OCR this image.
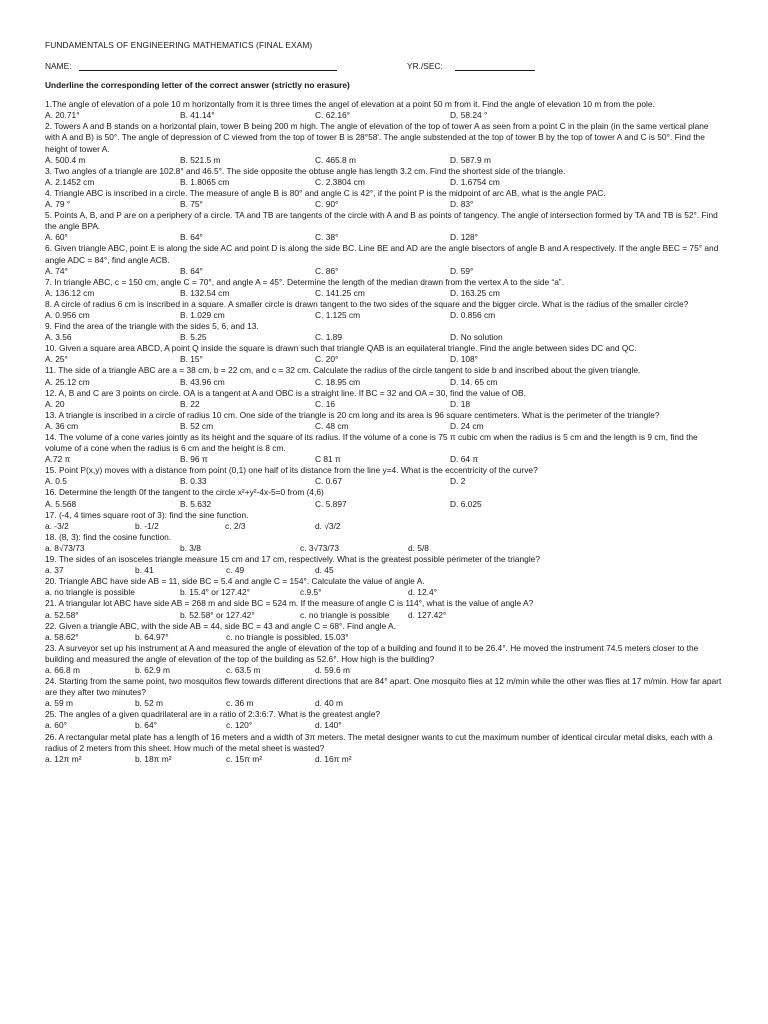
FUNDAMENTALS OF ENGINEERING MATHEMATICS (FINAL EXAM)
NAME:	YR./SEC:
Underline the corresponding letter of the correct answer (strictly no erasure)
1.The angle of elevation of a pole 10 m horizontally from it is three times the angel of elevation at a point 50 m from it. Find the angle of elevation 10 m from the pole.
A. 20.71°	B. 41.14°	C. 62.16°	D. 58.24 °
2. Towers A and B stands on a horizontal plain, tower B being 200 m high. The angle of elevation of the top of tower A as seen from a point C in the plain (in the same vertical plane with A and B) is 50°. The angle of depression of C viewed from the top of tower B is 28°58'. The angle substended at the top of tower B by the top of tower A and C is 50°. Find the height of tower A.
A. 500.4 m	B. 521.5 m	C. 465.8 m	D. 587.9 m
3. Two angles of a triangle are 102.8° and 46.5°. The side opposite the obtuse angle has length 3.2 cm. Find the shortest side of the triangle.
A. 2.1452 cm	B. 1.8065 cm	C. 2.3804 cm	D. 1.6754 cm
4. Triangle ABC is inscribed in a circle. The measure of angle B is 80° and angle C is 42°, if the point P is the midpoint of arc AB, what is the angle PAC.
A. 79 °	B. 75°	C. 90°	D. 83°
5. Points A, B, and P are on a periphery of a circle. TA and TB are tangents of the circle with A and B as points of tangency. The angle of intersection formed by TA and TB is 52°. Find the angle BPA.
A. 60°	B. 64°	C. 38°	D. 128°
6. Given triangle ABC, point E is along the side AC and point D is along the side BC. Line BE and AD are the angle bisectors of angle B and A respectively. If the angle BEC = 75° and angle ADC = 84°, find angle ACB.
A. 74°	B. 64°	C. 86°	D. 59°
7. In triangle ABC, c = 150 cm, angle C = 70°, and angle A = 45°. Determine the length of the median drawn from the vertex A to the side “a”.
A. 136.12 cm	B. 132.54 cm	C. 141.25 cm	D. 163.25 cm
8. A circle of radius 6 cm is inscribed in a square. A smaller circle is drawn tangent to the two sides of the square and the bigger circle. What is the radius of the smaller circle?
A. 0.956 cm	B. 1.029 cm	C. 1.125 cm	D. 0.856 cm
9. Find the area of the triangle with the sides 5, 6, and 13.
A. 3.56	B. 5.25	C. 1.89	D. No solution
10. Given a square area ABCD, A point Q inside the square is drawn such that triangle QAB is an equilateral triangle. Find the angle between sides DC and QC.
A. 25°	B. 15°	C. 20°	D. 108°
11. The side of a triangle ABC are a = 38 cm, b = 22 cm, and c = 32 cm. Calculate the radius of the circle tangent to side b and inscribed about the given triangle.
A. 25.12 cm	B. 43.96 cm	C. 18.95 cm	D. 14. 65 cm
12. A, B and C are 3 points on circle. OA is a tangent at A and OBC is a straight line. If BC = 32 and OA = 30, find the value of OB.
A. 20	B. 22	C. 16	D. 18
13. A triangle is inscribed in a circle of radius 10 cm. One side of the triangle is 20 cm long and its area is 96 square centimeters. What is the perimeter of the triangle?
A. 36 cm	B. 52 cm	C. 48 cm	D. 24 cm
14. The volume of a cone varies jointly as its height and the square of its radius. If the volume of a cone is 75 π cubic cm when the radius is 5 cm and the length is 9 cm, find the volume of a cone when the radius is 6 cm and the height is 8 cm.
A.72 π	B. 96 π	C 81 π	D. 64 π
15. Point P(x,y) moves with a distance from point (0,1) one half of its distance from the line y=4. What is the eccentricity of the curve?
A. 0.5	B. 0.33	C. 0.67	D. 2
16. Determine the length 0f the tangent to the circle x²+y²-4x-5=0 from (4,6)
A. 5.568	B. 5.632	C. 5.897	D. 6.025
17. (-4, 4 times square root of 3): find the sine function.
a. -3/2	b. -1/2	c. 2/3	d. √3/2
18. (8, 3): find the cosine function.
a. 8√73/73	b. 3/8	c. 3√73/73	d. 5/8
19. The sides of an isosceles triangle measure 15 cm and 17 cm, respectively. What is the greatest possible perimeter of the triangle?
a. 37	b. 41	c. 49	d. 45
20. Triangle ABC have side AB = 11, side BC = 5.4 and angle C = 154°. Calculate the value of angle A.
a. no triangle is possible	b. 15.4° or 127.42°	c.9.5°	d. 12.4°
21. A triangular lot ABC have side AB = 268 m and side BC = 524 m. If the measure of angle C is 114°, what is the value of angle A?
a. 52.58°	b. 52.58° or 127.42°	c. no triangle is possible d. 127.42°
22. Given a triangle ABC, with the side AB = 44, side BC = 43 and angle C = 68°. Find angle A.
a. 58.62°	b. 64.97°	c. no triangle is possible d. 15.03°
23. A surveyor set up his instrument at A and measured the angle of elevation of the top of a building and found it to be 26.4°. He moved the instrument 74.5 meters closer to the building and measured the angle of elevation of the top of the building as 52.6°. How high is the building?
a. 66.8 m	b. 62.9 m	c. 63.5 m	d. 59.6 m
24. Starting from the same point, two mosquitos flew towards different directions that are 84° apart. One mosquito flies at 12 m/min while the other was flies at 17 m/min. How far apart are they after two minutes?
a. 59 m	b. 52 m	c. 36 m	d. 40 m
25. The angles of a given quadrilateral are in a ratio of 2:3:6:7. What is the greatest angle?
a. 60°	b. 64°	c. 120°	d. 140°
26. A rectangular metal plate has a length of 16 meters and a width of 3π meters. The metal designer wants to cut the maximum number of identical circular metal disks, each with a radius of 2 meters from this sheet. How much of the metal sheet is wasted?
a. 12π m²	b. 18π m²	c. 15π m²	d. 16π m²
